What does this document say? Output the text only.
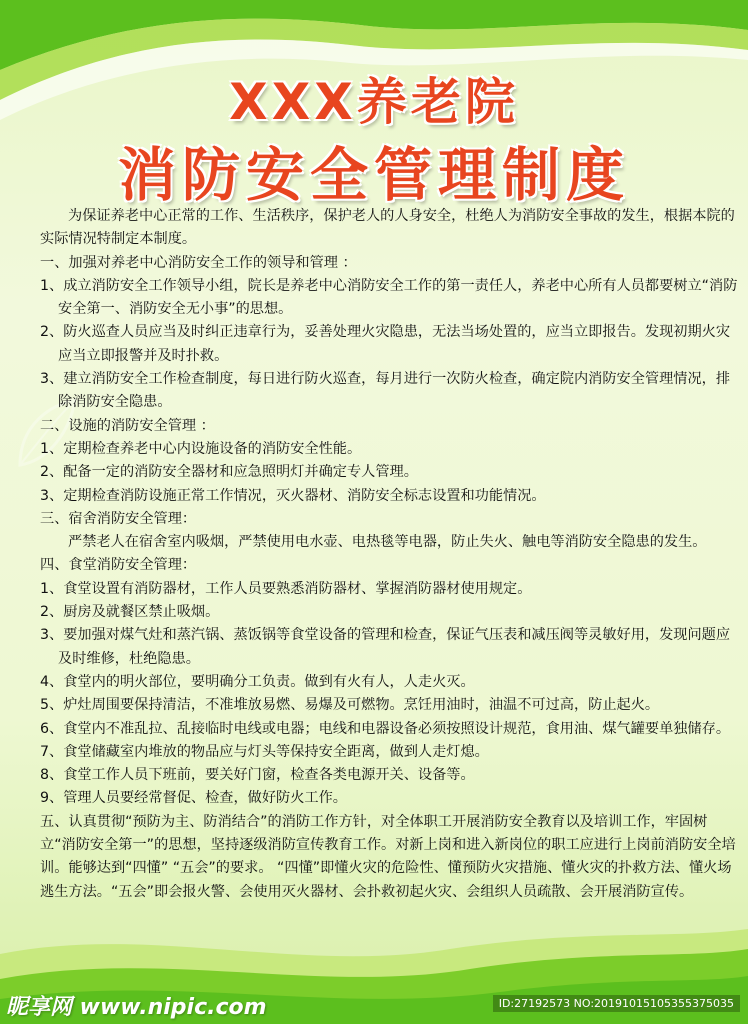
XXX养老院
消防安全管理制度

为保证养老中心正常的工作、生活秩序，保护老人的人身安全，杜绝人为消防安全事故的发生，根据本院的实际情况特制定本制度。

一、加强对养老中心消防安全工作的领导和管理 ：

1、成立消防安全工作领导小组，院长是养老中心消防安全工作的第一责任人，养老中心所有人员都要树立“消防安全第一、消防安全无小事”的思想。

2、防火巡查人员应当及时纠正违章行为，妥善处理火灾隐患，无法当场处置的，应当立即报告。发现初期火灾应当立即报警并及时扑救。

3、建立消防安全工作检查制度，每日进行防火巡查，每月进行一次防火检查，确定院内消防安全管理情况，排除消防安全隐患。

二、设施的消防安全管理 ：

1、定期检查养老中心内设施设备的消防安全性能。

2、配备一定的消防安全器材和应急照明灯并确定专人管理。

3、定期检查消防设施正常工作情况，灭火器材、消防安全标志设置和功能情况。

三、宿舍消防安全管理：

严禁老人在宿舍室内吸烟，严禁使用电水壶、电热毯等电器，防止失火、触电等消防安全隐患的发生。

四、食堂消防安全管理：

1、食堂设置有消防器材，工作人员要熟悉消防器材、掌握消防器材使用规定。

2、厨房及就餐区禁止吸烟。

3、要加强对煤气灶和蒸汽锅、蒸饭锅等食堂设备的管理和检查，保证气压表和减压阀等灵敏好用，发现问题应及时维修，杜绝隐患。

4、食堂内的明火部位，要明确分工负责。做到有火有人，人走火灭。

5、炉灶周围要保持清洁，不准堆放易燃、易爆及可燃物。烹饪用油时，油温不可过高，防止起火。

6、食堂内不准乱拉、乱接临时电线或电器；电线和电器设备必须按照设计规范，食用油、煤气罐要单独储存。

7、食堂储藏室内堆放的物品应与灯头等保持安全距离，做到人走灯熄。

8、食堂工作人员下班前，要关好门窗，检查各类电源开关、设备等。

9、管理人员要经常督促、检查，做好防火工作。

五、认真贯彻“预防为主、防消结合”的消防工作方针，对全体职工开展消防安全教育以及培训工作，牢固树立“消防安全第一”的思想，坚持逐级消防宣传教育工作。对新上岗和进入新岗位的职工应进行上岗前消防安全培训。能够达到“四懂” “五会”的要求。 “四懂”即懂火灾的危险性、懂预防火灾措施、懂火灾的扑救方法、懂火场逃生方法。“五会”即会报火警、会使用灭火器材、会扑救初起火灾、会组织人员疏散、会开展消防宣传。

昵享网 www.nipic.com	ID:27192573 NO:20191015105355375035
